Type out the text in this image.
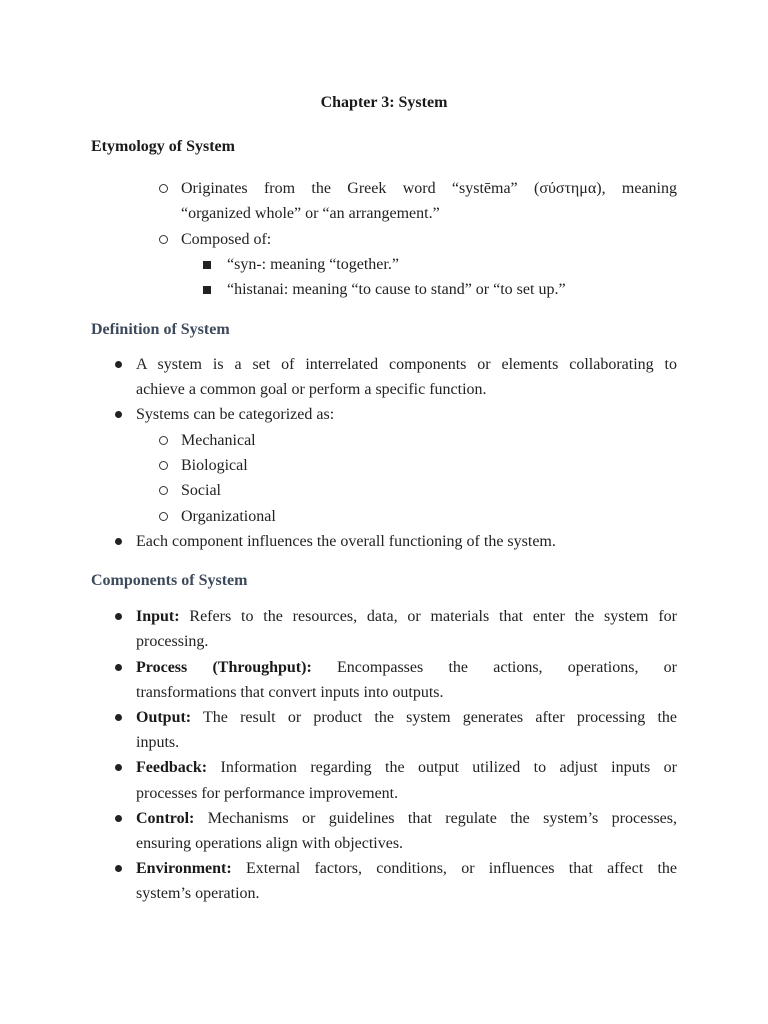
Chapter 3: System
Etymology of System
Originates from the Greek word “systēma” (σύστημα), meaning
“organized whole” or “an arrangement.”
Composed of:
“syn-: meaning “together.”
“histanai: meaning “to cause to stand” or “to set up.”
Definition of System
A system is a set of interrelated components or elements collaborating to
achieve a common goal or perform a specific function.
Systems can be categorized as:
Mechanical
Biological
Social
Organizational
Each component influences the overall functioning of the system.
Components of System
Input: Refers to the resources, data, or materials that enter the system for
processing.
Process (Throughput): Encompasses the actions, operations, or
transformations that convert inputs into outputs.
Output: The result or product the system generates after processing the
inputs.
Feedback: Information regarding the output utilized to adjust inputs or
processes for performance improvement.
Control: Mechanisms or guidelines that regulate the system’s processes,
ensuring operations align with objectives.
Environment: External factors, conditions, or influences that affect the
system’s operation.
